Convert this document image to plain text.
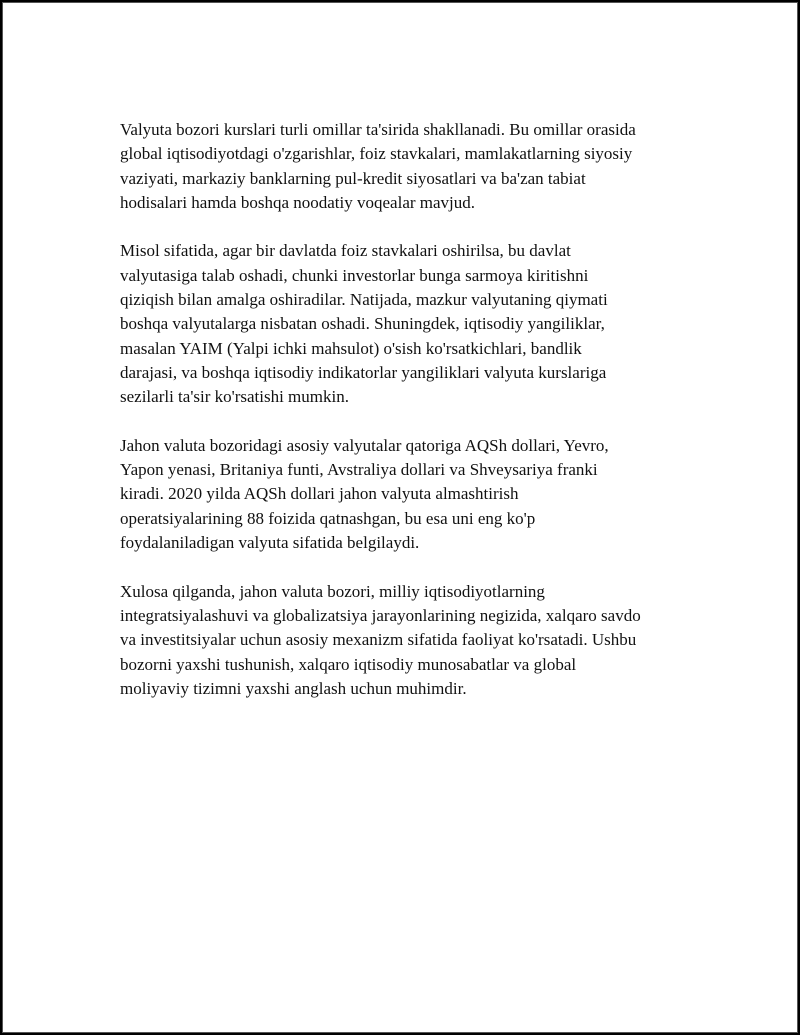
Valyuta bozori kurslari turli omillar ta'sirida shakllanadi. Bu omillar orasida
global iqtisodiyotdagi o'zgarishlar, foiz stavkalari, mamlakatlarning siyosiy
vaziyati, markaziy banklarning pul-kredit siyosatlari va ba'zan tabiat
hodisalari hamda boshqa noodatiy voqealar mavjud.

Misol sifatida, agar bir davlatda foiz stavkalari oshirilsa, bu davlat
valyutasiga talab oshadi, chunki investorlar bunga sarmoya kiritishni
qiziqish bilan amalga oshiradilar. Natijada, mazkur valyutaning qiymati
boshqa valyutalarga nisbatan oshadi. Shuningdek, iqtisodiy yangiliklar,
masalan YAIM (Yalpi ichki mahsulot) o'sish ko'rsatkichlari, bandlik
darajasi, va boshqa iqtisodiy indikatorlar yangiliklari valyuta kurslariga
sezilarli ta'sir ko'rsatishi mumkin.

Jahon valuta bozoridagi asosiy valyutalar qatoriga AQSh dollari, Yevro,
Yapon yenasi, Britaniya funti, Avstraliya dollari va Shveysariya franki
kiradi. 2020 yilda AQSh dollari jahon valyuta almashtirish
operatsiyalarining 88 foizida qatnashgan, bu esa uni eng ko'p
foydalaniladigan valyuta sifatida belgilaydi.

Xulosa qilganda, jahon valuta bozori, milliy iqtisodiyotlarning
integratsiyalashuvi va globalizatsiya jarayonlarining negizida, xalqaro savdo
va investitsiyalar uchun asosiy mexanizm sifatida faoliyat ko'rsatadi. Ushbu
bozorni yaxshi tushunish, xalqaro iqtisodiy munosabatlar va global
moliyaviy tizimni yaxshi anglash uchun muhimdir.
